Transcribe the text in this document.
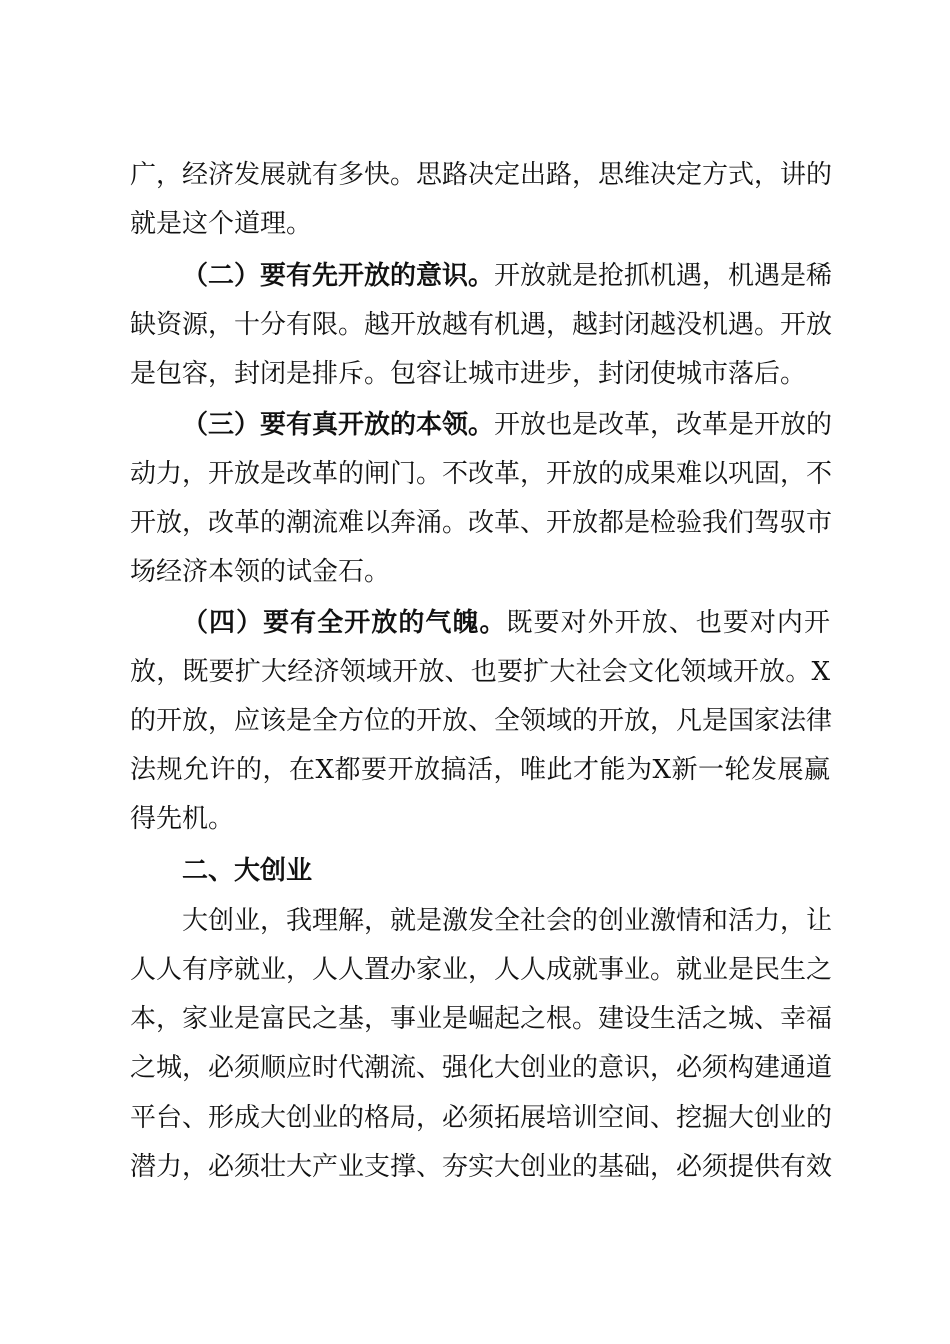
广，经济发展就有多快。思路决定出路，思维决定方式，讲的
就是这个道理。
（二）要有先开放的意识。开放就是抢抓机遇，机遇是稀
缺资源，十分有限。越开放越有机遇，越封闭越没机遇。开放
是包容，封闭是排斥。包容让城市进步，封闭使城市落后。
（三）要有真开放的本领。开放也是改革，改革是开放的
动力，开放是改革的闸门。不改革，开放的成果难以巩固，不
开放，改革的潮流难以奔涌。改革、开放都是检验我们驾驭市
场经济本领的试金石。
（四）要有全开放的气魄。既要对外开放、也要对内开
放，既要扩大经济领域开放、也要扩大社会文化领域开放。X
的开放，应该是全方位的开放、全领域的开放，凡是国家法律
法规允许的，在X都要开放搞活，唯此才能为X新一轮发展赢
得先机。
二、大创业
大创业，我理解，就是激发全社会的创业激情和活力，让
人人有序就业，人人置办家业，人人成就事业。就业是民生之
本，家业是富民之基，事业是崛起之根。建设生活之城、幸福
之城，必须顺应时代潮流、强化大创业的意识，必须构建通道
平台、形成大创业的格局，必须拓展培训空间、挖掘大创业的
潜力，必须壮大产业支撑、夯实大创业的基础，必须提供有效
